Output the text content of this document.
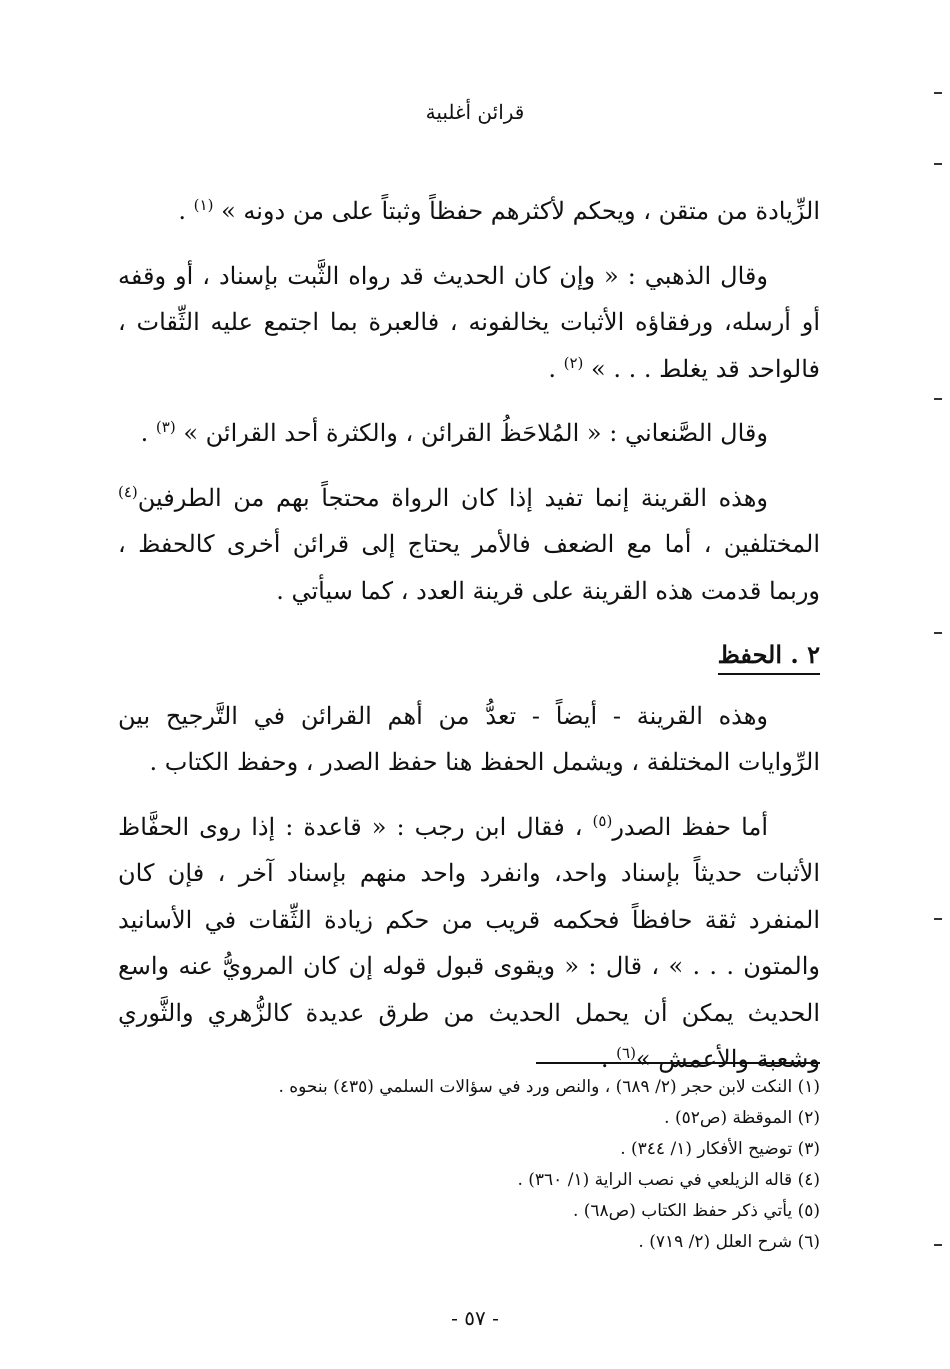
قرائن أغلبية

الزِّيادة من متقن ، ويحكم لأكثرهم حفظاً وثبتاً على من دونه » $^{(١)}$ .

وقال الذهبي : « وإن كان الحديث قد رواه الثَّبت بإسناد ، أو وقفه أو أرسله، ورفقاؤه الأثبات يخالفونه ، فالعبرة بما اجتمع عليه الثِّقات ، فالواحد قد يغلط . . . » $^{(٢)}$ .

وقال الصَّنعاني : « المُلاحَظُ القرائن ، والكثرة أحد القرائن » $^{(٣)}$ .

وهذه القرينة إنما تفيد إذا كان الرواة محتجاً بهم من الطرفين$^{(٤)}$ المختلفين ، أما مع الضعف فالأمر يحتاج إلى قرائن أخرى كالحفظ ، وربما قدمت هذه القرينة على قرينة العدد ، كما سيأتي .

٢ . الحفظ

وهذه القرينة - أيضاً - تعدُّ من أهم القرائن في التَّرجيح بين الرِّوايات المختلفة ، ويشمل الحفظ هنا حفظ الصدر ، وحفظ الكتاب .

أما حفظ الصدر$^{(٥)}$ ، فقال ابن رجب : « قاعدة : إذا روى الحفَّاظ الأثبات حديثاً بإسناد واحد، وانفرد واحد منهم بإسناد آخر ، فإن كان المنفرد ثقة حافظاً فحكمه قريب من حكم زيادة الثِّقات في الأسانيد والمتون . . . » ، قال : « ويقوى قبول قوله إن كان المرويُّ عنه واسع الحديث يمكن أن يحمل الحديث من طرق عديدة كالزُّهري والثَّوري وشعبة والأعمش »$^{(٦)}$ .

(١) النكت لابن حجر (٢/ ٦٨٩) ، والنص ورد في سؤالات السلمي (٤٣٥) بنحوه .
(٢) الموقظة (ص٥٢) .
(٣) توضيح الأفكار (١/ ٣٤٤) .
(٤) قاله الزيلعي في نصب الراية (١/ ٣٦٠) .
(٥) يأتي ذكر حفظ الكتاب (ص٦٨) .
(٦) شرح العلل (٢/ ٧١٩) .
- ٥٧ -
